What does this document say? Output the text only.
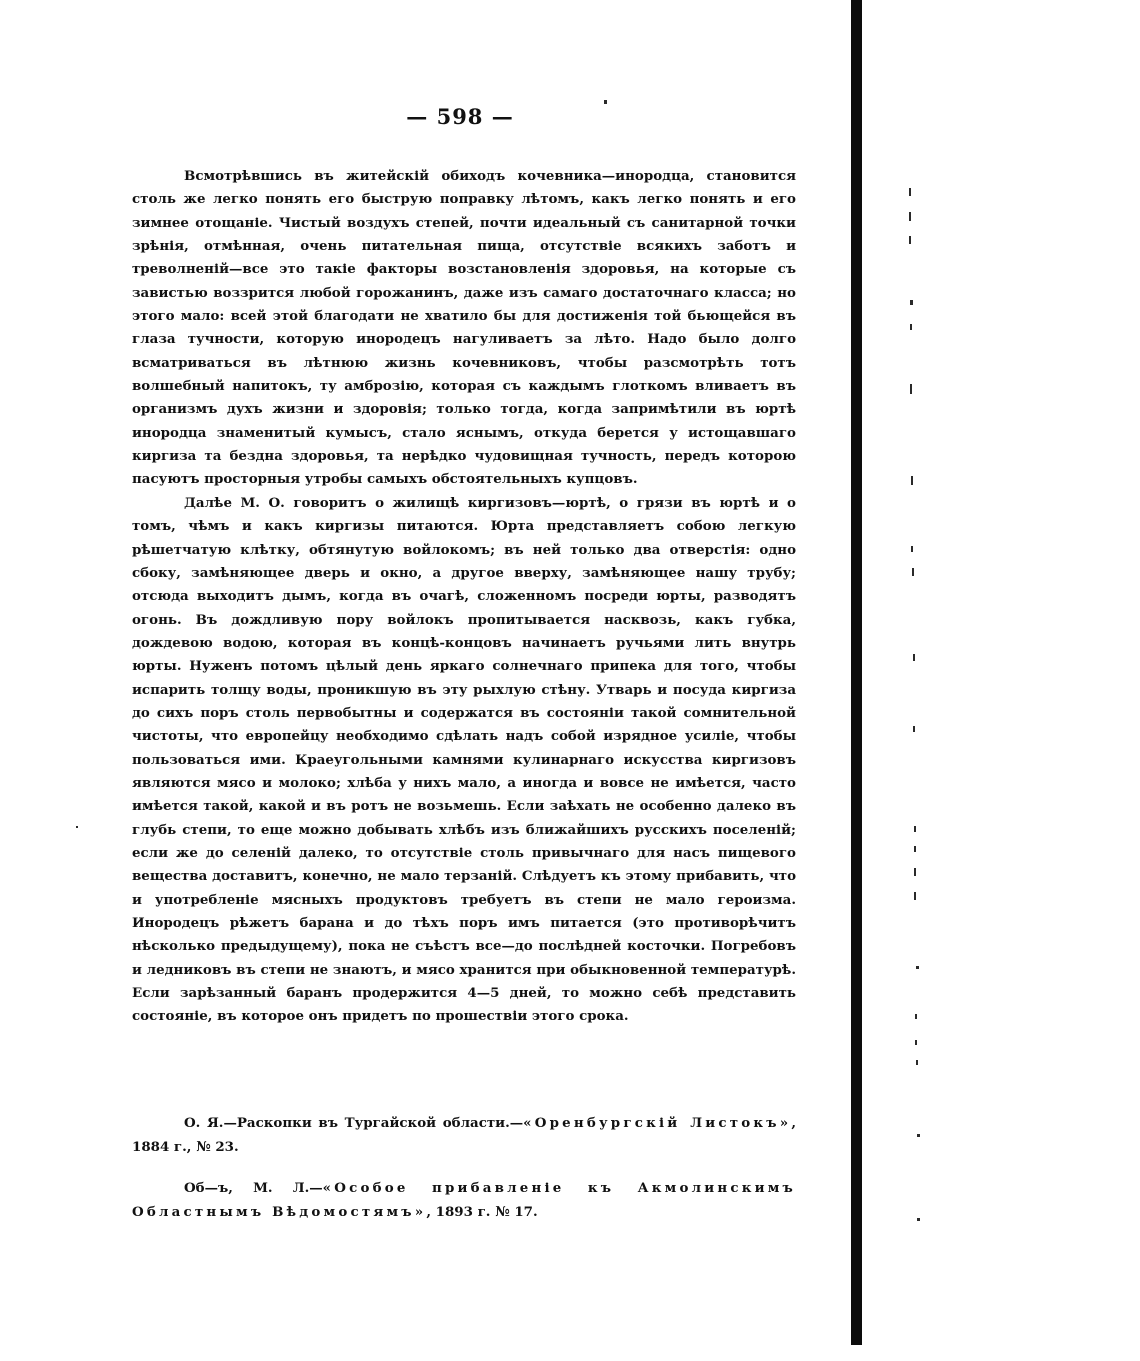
— 598 —

Всмотрѣвшись въ житейскій обиходъ кочевника—инородца, становится столь же легко понять его быструю поправку лѣтомъ, какъ легко понять и его зимнее отощаніе. Чистый воздухъ степей, почти идеальный съ санитарной точки зрѣнія, отмѣнная, очень питательная пища, отсутствіе всякихъ заботъ и треволненій—все это такіе факторы возстановленія здоровья, на которые съ завистью воззрится любой горожанинъ, даже изъ самаго достаточнаго класса; но этого мало: всей этой благодати не хватило бы для достиженія той бьющейся въ глаза тучности, которую инородецъ нагуливаетъ за лѣто. Надо было долго всматриваться въ лѣтнюю жизнь кочевниковъ, чтобы разсмотрѣть тотъ волшебный напитокъ, ту амброзію, которая съ каждымъ глоткомъ вливаетъ въ организмъ духъ жизни и здоровія; только тогда, когда запримѣтили въ юртѣ инородца знаменитый кумысъ, стало яснымъ, откуда берется у истощавшаго киргиза та бездна здоровья, та нерѣдко чудовищная тучность, передъ которою пасуютъ просторныя утробы самыхъ обстоятельныхъ купцовъ.

Далѣе М. О. говоритъ о жилищѣ киргизовъ—юртѣ, о грязи въ юртѣ и о томъ, чѣмъ и какъ киргизы питаются. Юрта представляетъ собою легкую рѣшетчатую клѣтку, обтянутую войлокомъ; въ ней только два отверстія: одно сбоку, замѣняющее дверь и окно, а другое вверху, замѣняющее нашу трубу; отсюда выходитъ дымъ, когда въ очагѣ, сложенномъ посреди юрты, разводятъ огонь. Въ дождливую пору войлокъ пропитывается насквозь, какъ губка, дождевою водою, которая въ концѣ-концовъ начинаетъ ручьями лить внутрь юрты. Нуженъ потомъ цѣлый день яркаго солнечнаго припека для того, чтобы испарить толщу воды, проникшую въ эту рыхлую стѣну. Утварь и посуда киргиза до сихъ поръ столь первобытны и содержатся въ состояніи такой сомнительной чистоты, что европейцу необходимо сдѣлать надъ собой изрядное усиліе, чтобы пользоваться ими. Краеугольными камнями кулинарнаго искусства киргизовъ являются мясо и молоко; хлѣба у нихъ мало, а иногда и вовсе не имѣется, часто имѣется такой, какой и въ ротъ не возьмешь. Если заѣхать не особенно далеко въ глубь степи, то еще можно добывать хлѣбъ изъ ближайшихъ русскихъ поселеній; если же до селеній далеко, то отсутствіе столь привычнаго для насъ пищевого вещества доставитъ, конечно, не мало терзаній. Слѣдуетъ къ этому прибавить, что и употребленіе мясныхъ продуктовъ требуетъ въ степи не мало героизма. Инородецъ рѣжетъ барана и до тѣхъ поръ имъ питается (это противорѣчитъ нѣсколько предыдущему), пока не съѣстъ все—до послѣдней косточки. Погребовъ и ледниковъ въ степи не знаютъ, и мясо хранится при обыкновенной температурѣ. Если зарѣзанный баранъ продержится 4—5 дней, то можно себѣ представить состояніе, въ которое онъ придетъ по прошествіи этого срока.

О. Я.—Раскопки въ Тургайской области.—«Оренбургскій Листокъ», 1884 г., № 23.

Об—ъ, М. Л.—«Особое прибавленіе къ Акмолинскимъ Областнымъ Вѣдомостямъ», 1893 г. № 17.
